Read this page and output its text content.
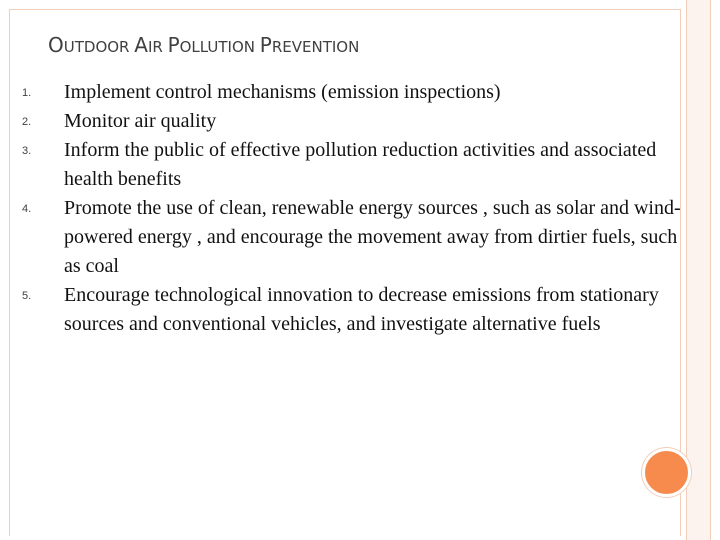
OUTDOOR AIR POLLUTION PREVENTION
1.	Implement control mechanisms (emission inspections)
2.	Monitor air quality
3.	Inform the public of effective pollution reduction activities and associated health benefits
4.	Promote the use of clean, renewable energy sources , such as solar and wind-powered energy , and encourage the movement away from dirtier fuels, such as coal
5.	Encourage technological innovation to decrease emissions from stationary sources and conventional vehicles, and investigate alternative fuels
